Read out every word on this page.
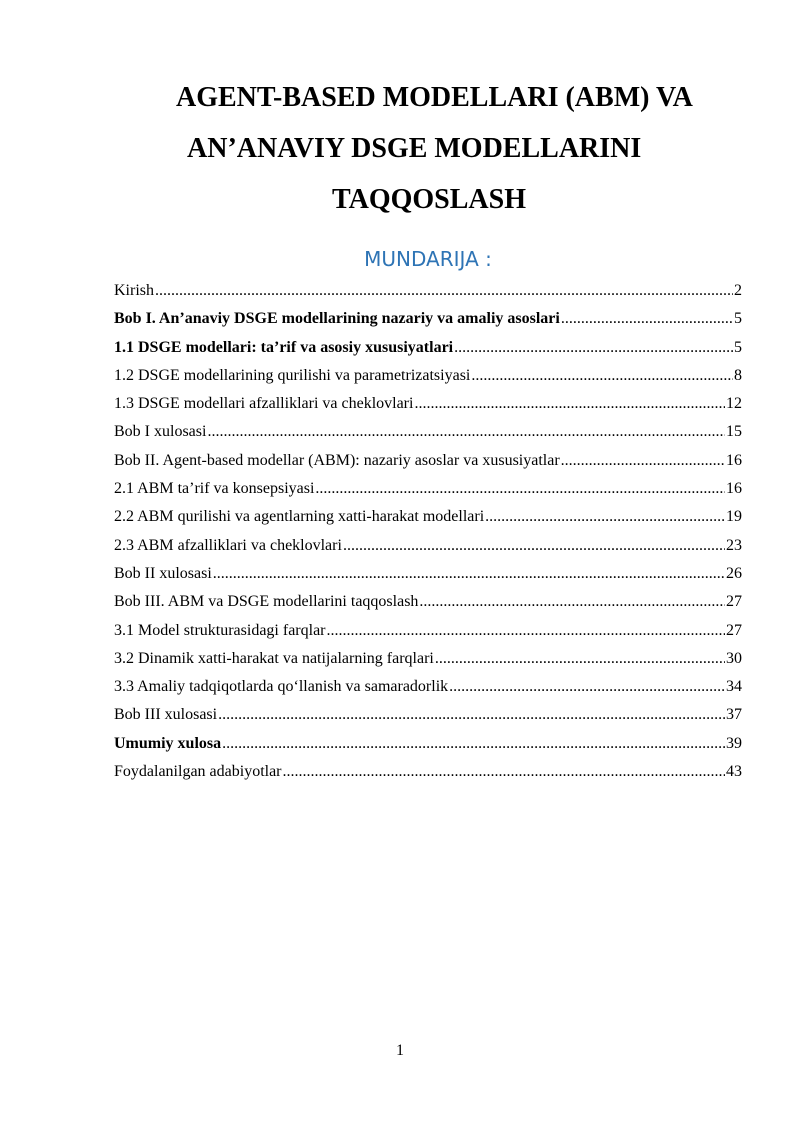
AGENT-BASED MODELLARI (ABM) VA
AN’ANAVIY DSGE MODELLARINI
TAQQOSLASH
MUNDARIJA :
Kirish .....	2
Bob I. An’anaviy DSGE modellarining nazariy va amaliy asoslari .....	5
1.1 DSGE modellari: ta’rif va asosiy xususiyatlari .....	5
1.2 DSGE modellarining qurilishi va parametrizatsiyasi .....	8
1.3 DSGE modellari afzalliklari va cheklovlari .....	12
Bob I xulosasi .....	15
Bob II. Agent-based modellar (ABM): nazariy asoslar va xususiyatlar .....	16
2.1 ABM ta’rif va konsepsiyasi .....	16
2.2 ABM qurilishi va agentlarning xatti-harakat modellari .....	19
2.3 ABM afzalliklari va cheklovlari .....	23
Bob II xulosasi .....	26
Bob III. ABM va DSGE modellarini taqqoslash .....	27
3.1 Model strukturasidagi farqlar .....	27
3.2 Dinamik xatti-harakat va natijalarning farqlari .....	30
3.3 Amaliy tadqiqotlarda qo‘llanish va samaradorlik .....	34
Bob III xulosasi .....	37
Umumiy xulosa .....	39
Foydalanilgan adabiyotlar .....	43
1
